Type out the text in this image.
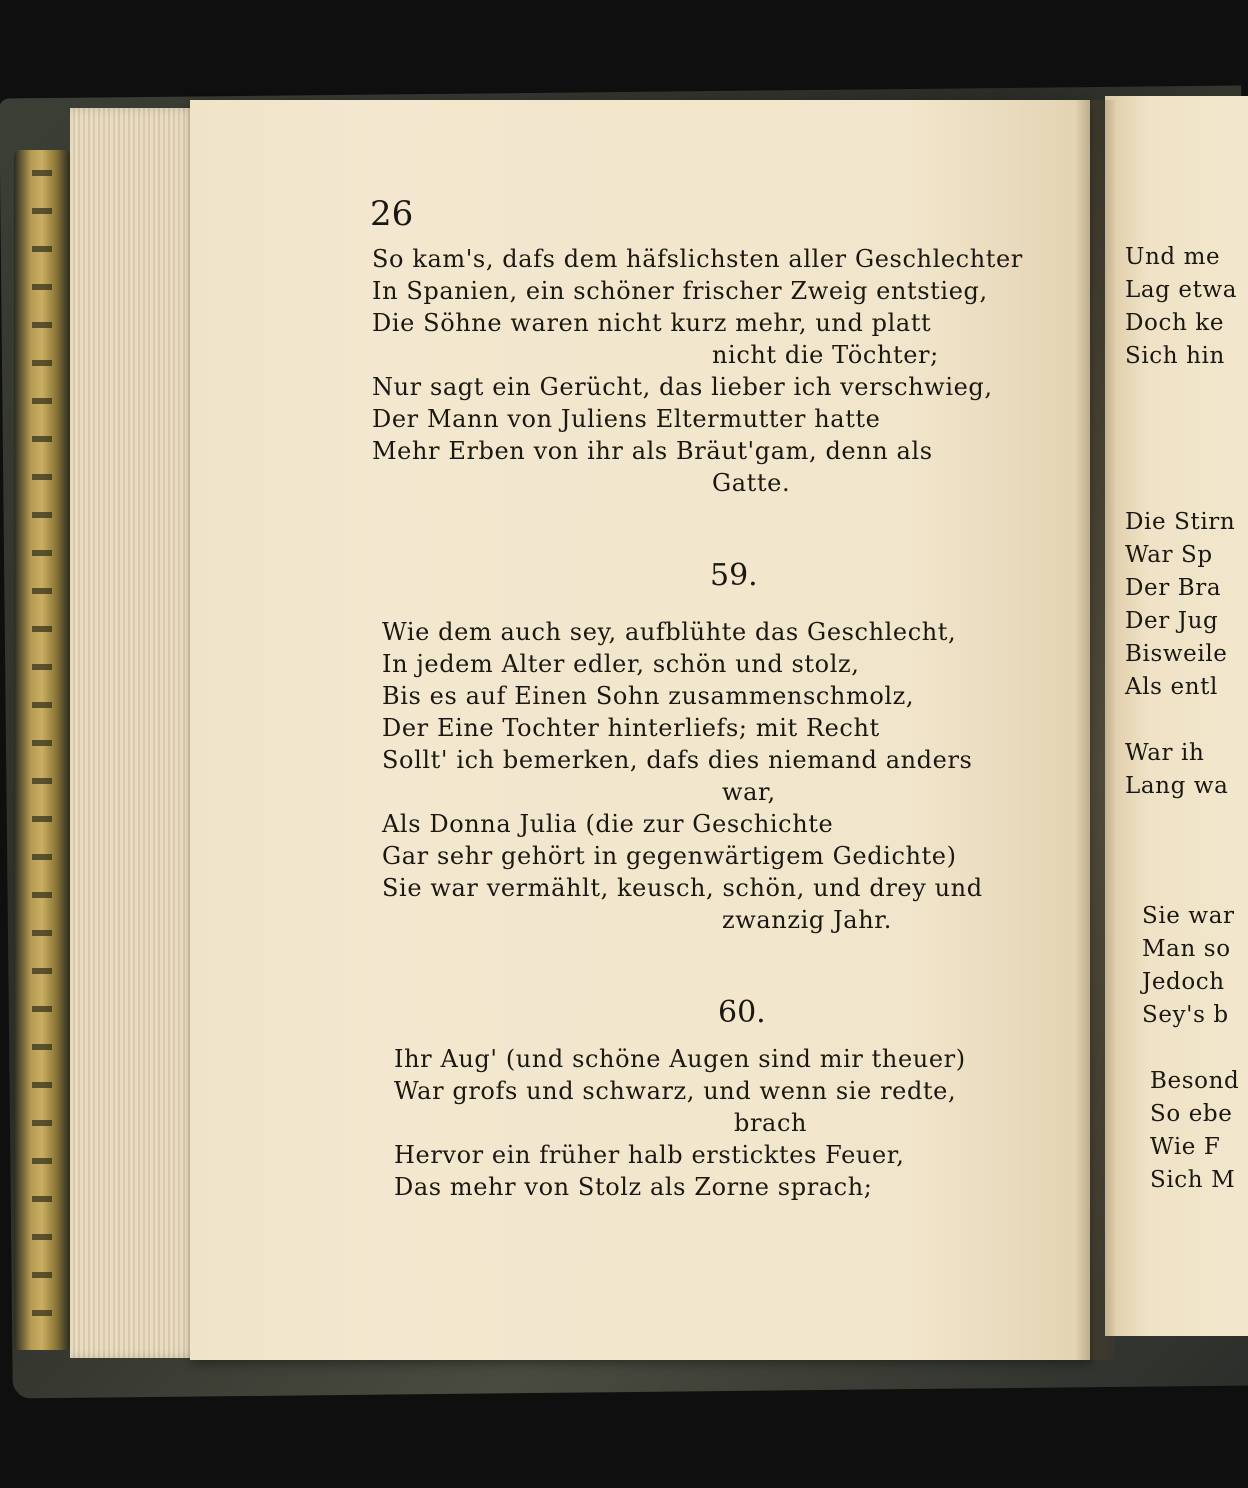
26
So kam's, dafs dem häfslichsten aller Geschlechter
In Spanien, ein schöner frischer Zweig entstieg,
Die Söhne waren nicht kurz mehr, und platt
nicht die Töchter;
Nur sagt ein Gerücht, das lieber ich verschwieg,
Der Mann von Juliens Eltermutter hatte
Mehr Erben von ihr als Bräut'gam, denn als
Gatte.
59.
Wie dem auch sey, aufblühte das Geschlecht,
In jedem Alter edler, schön und stolz,
Bis es auf Einen Sohn zusammenschmolz,
Der Eine Tochter hinterliefs; mit Recht
Sollt' ich bemerken, dafs dies niemand anders
war,
Als Donna Julia (die zur Geschichte
Gar sehr gehört in gegenwärtigem Gedichte)
Sie war vermählt, keusch, schön, und drey und
zwanzig Jahr.
60.
Ihr Aug' (und schöne Augen sind mir theuer)
War grofs und schwarz, und wenn sie redte,
brach
Hervor ein früher halb ersticktes Feuer,
Das mehr von Stolz als Zorne sprach;
Und me
Lag etwa
Doch ke
Sich hin
Die Stirn
War Sp
Der Bra
Der Jug
Bisweile
Als entl
War ih
Lang wa
Sie war
Man so
Jedoch
Sey's b
Besond
So ebe
Wie F
Sich M
